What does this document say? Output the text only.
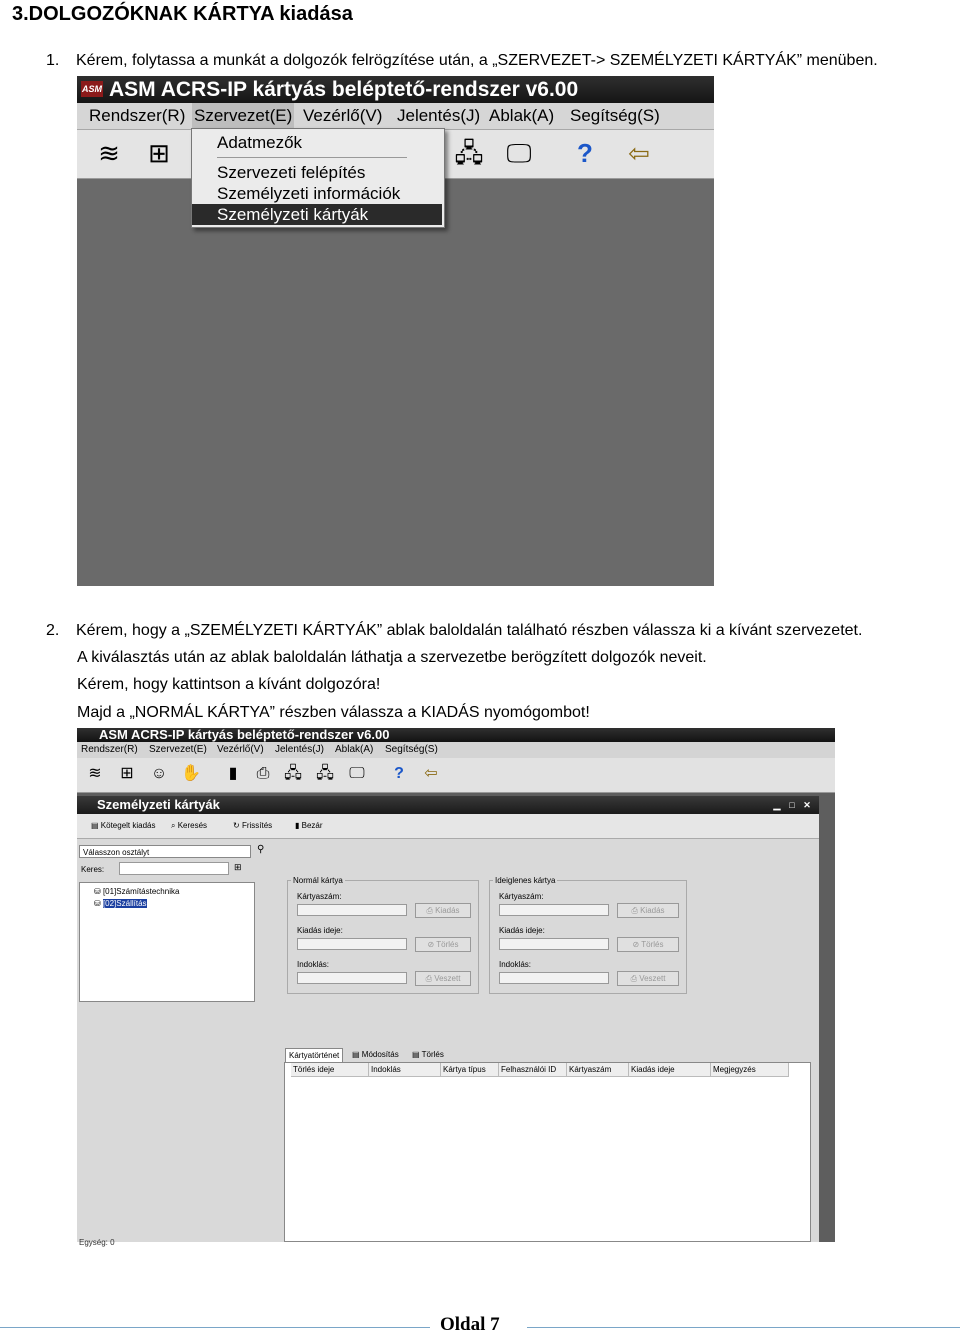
3.DOLGOZÓKNAK KÁRTYA kiadása
1. Kérem, folytassa a munkát a dolgozók felrögzítése után, a „SZERVEZET-> SZEMÉLYZETI KÁRTYÁK” menüben.
ASM ASM ACRS-IP kártyás beléptető-rendszer v6.00
Rendszer(R) Szervezet(E) Vezérlő(V) Jelentés(J) Ablak(A) Segítség(S)
≋ ⊞	🖧 🖵	?	⇦
Adatmezők
Szervezeti felépítés
Személyzeti információk
Személyzeti kártyák
2. Kérem, hogy a „SZEMÉLYZETI KÁRTYÁK” ablak baloldalán található részben válassza ki a kívánt szervezetet.
A kiválasztás után az ablak baloldalán láthatja a szervezetbe berögzített dolgozók neveit.
Kérem, hogy kattintson a kívánt dolgozóra!
Majd a „NORMÁL KÁRTYA” részben válassza a KIADÁS nyomógombot!
ASM ACRS-IP kártyás beléptető-rendszer v6.00
Rendszer(R) Szervezet(E) Vezérlő(V) Jelentés(J) Ablak(A) Segítség(S)
≋ ⊞ ☺ ✋	▮	⎙ 🖧 🖧 🖵	?	⇦
Személyzeti kártyák	▁ □ ✕
▤ Kötegelt kiadás ⌕ Keresés	↻ Frissítés	▮ Bezár
Válasszon osztályt	⚲
Keres:	⊞
⛁ [01]Számítástechnika
⛁ [02]Szállítás
Egység: 0
Normál kártya
Kártyaszám:
⎙ Kiadás
Kiadás ideje:
⊘ Törlés
Indoklás:
⎙ Veszett
Ideiglenes kártya
Kártyaszám:
⎙ Kiadás
Kiadás ideje:
⊘ Törlés
Indoklás:
⎙ Veszett
Kártyatörténet	▤ Módosítás	▤ Törlés
Törlés ideje	Indoklás	Kártya típus	Felhasználói ID	Kártyaszám	Kiadás ideje	Megjegyzés
Oldal 7
